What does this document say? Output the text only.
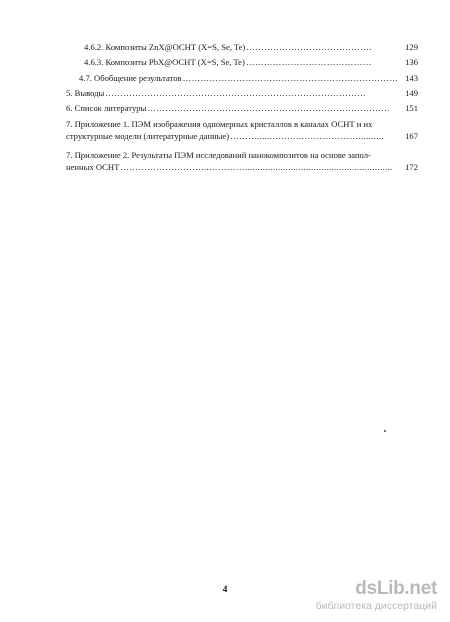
4.6.2. Композиты ZnX@ОСНТ (X=S, Se, Te) ……………………………………	129
4.6.3. Композиты PbX@ОСНТ (X=S, Se, Te) ……………………………………	136
4.7. Обобщение результатов ……………………………………………………………… 143
5. Выводы ……………………………………………………………………………	149
6. Список литературы ………………………………………………………………………	151
7. Приложение 1. ПЭМ изображения одномерных кристаллов в каналах ОСНТ и их
структурные модели (литературные данные) ………......……..…………………..........	167
7. Приложение 2. Результаты ПЭМ исследований нанокомпозитов на основе запол-
ненных ОСНТ ………………………...…………..........................................................	172
4	dsLib.net
библиотека диссертаций
